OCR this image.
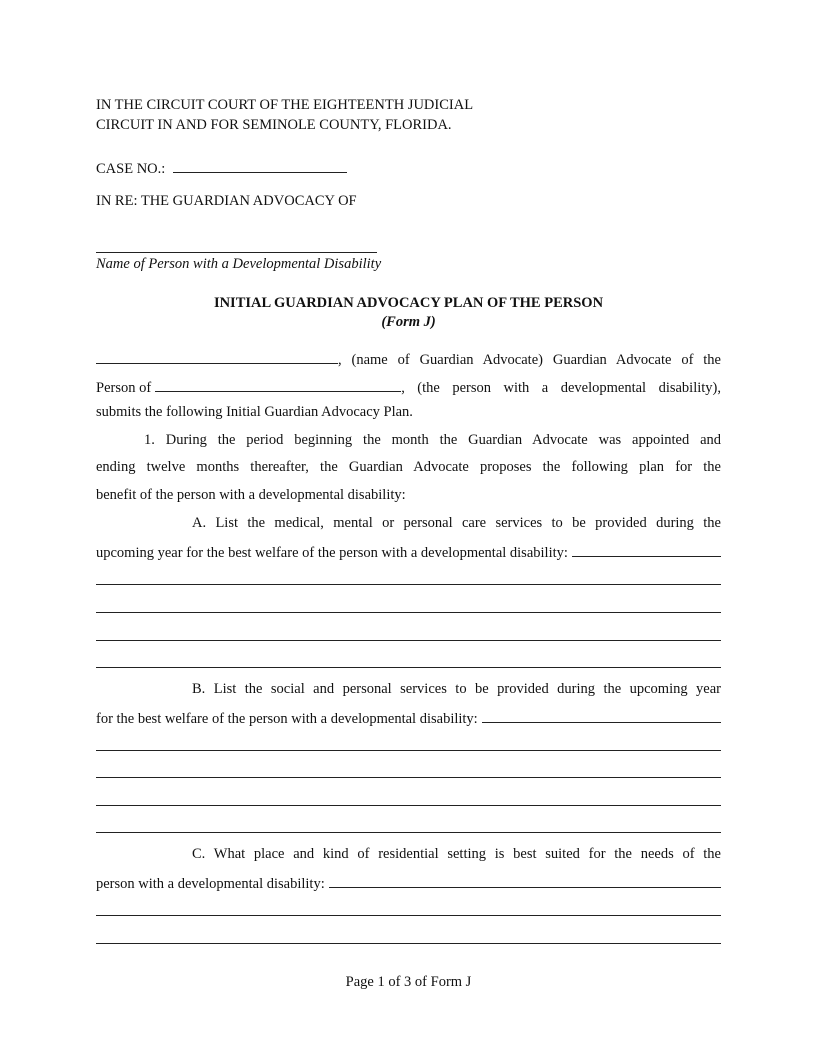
IN THE CIRCUIT COURT OF THE EIGHTEENTH JUDICIAL
CIRCUIT IN AND FOR SEMINOLE COUNTY, FLORIDA.
CASE NO.:
IN RE: THE GUARDIAN ADVOCACY OF
Name of Person with a Developmental Disability
INITIAL GUARDIAN ADVOCACY PLAN OF THE PERSON
(Form J)
, (name of Guardian Advocate) Guardian Advocate of the
Person of	, (the person with a developmental disability),
submits the following Initial Guardian Advocacy Plan.
1. During the period beginning the month the Guardian Advocate was appointed and
ending twelve months thereafter, the Guardian Advocate proposes the following plan for the
benefit of the person with a developmental disability:
A. List the medical, mental or personal care services to be provided during the
upcoming year for the best welfare of the person with a developmental disability:
B. List the social and personal services to be provided during the upcoming year
for the best welfare of the person with a developmental disability:
C. What place and kind of residential setting is best suited for the needs of the
person with a developmental disability:
Page 1 of 3 of Form J
